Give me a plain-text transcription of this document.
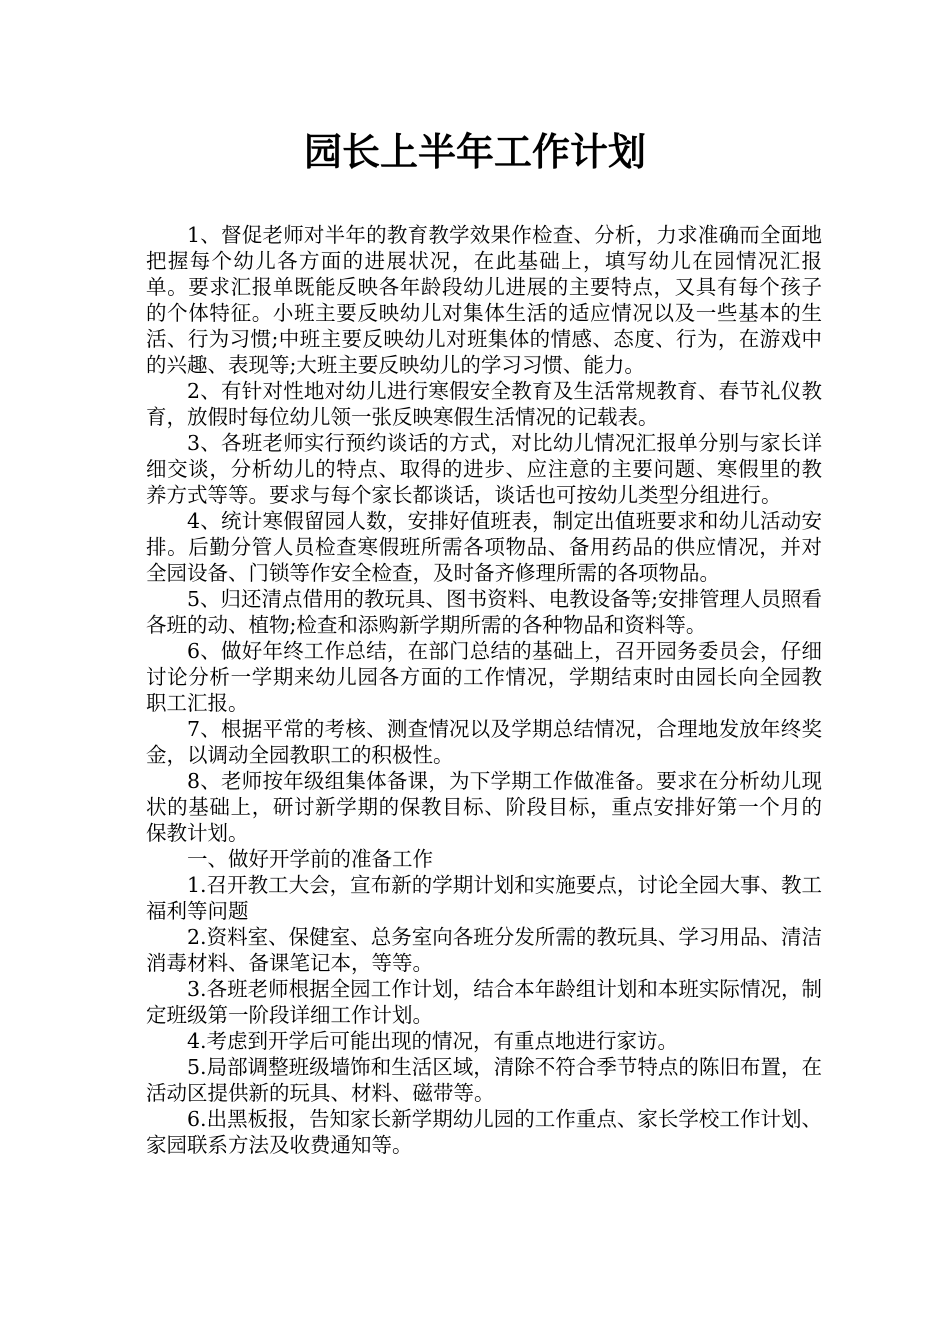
园长上半年工作计划

1、督促老师对半年的教育教学效果作检查、分析，力求准确而全面地把握每个幼儿各方面的进展状况，在此基础上，填写幼儿在园情况汇报单。要求汇报单既能反映各年龄段幼儿进展的主要特点，又具有每个孩子的个体特征。小班主要反映幼儿对集体生活的适应情况以及一些基本的生活、行为习惯;中班主要反映幼儿对班集体的情感、态度、行为，在游戏中的兴趣、表现等;大班主要反映幼儿的学习习惯、能力。

2、有针对性地对幼儿进行寒假安全教育及生活常规教育、春节礼仪教育，放假时每位幼儿领一张反映寒假生活情况的记载表。

3、各班老师实行预约谈话的方式，对比幼儿情况汇报单分别与家长详细交谈，分析幼儿的特点、取得的进步、应注意的主要问题、寒假里的教养方式等等。要求与每个家长都谈话，谈话也可按幼儿类型分组进行。

4、统计寒假留园人数，安排好值班表，制定出值班要求和幼儿活动安排。后勤分管人员检查寒假班所需各项物品、备用药品的供应情况，并对全园设备、门锁等作安全检查，及时备齐修理所需的各项物品。

5、归还清点借用的教玩具、图书资料、电教设备等;安排管理人员照看各班的动、植物;检查和添购新学期所需的各种物品和资料等。

6、做好年终工作总结，在部门总结的基础上，召开园务委员会，仔细讨论分析一学期来幼儿园各方面的工作情况，学期结束时由园长向全园教职工汇报。

7、根据平常的考核、测查情况以及学期总结情况，合理地发放年终奖金，以调动全园教职工的积极性。

8、老师按年级组集体备课，为下学期工作做准备。要求在分析幼儿现状的基础上，研讨新学期的保教目标、阶段目标，重点安排好第一个月的保教计划。

一、做好开学前的准备工作

1.召开教工大会，宣布新的学期计划和实施要点，讨论全园大事、教工福利等问题

2.资料室、保健室、总务室向各班分发所需的教玩具、学习用品、清洁消毒材料、备课笔记本，等等。

3.各班老师根据全园工作计划，结合本年龄组计划和本班实际情况，制定班级第一阶段详细工作计划。

4.考虑到开学后可能出现的情况，有重点地进行家访。

5.局部调整班级墙饰和生活区域，清除不符合季节特点的陈旧布置，在活动区提供新的玩具、材料、磁带等。

6.出黑板报，告知家长新学期幼儿园的工作重点、家长学校工作计划、家园联系方法及收费通知等。
